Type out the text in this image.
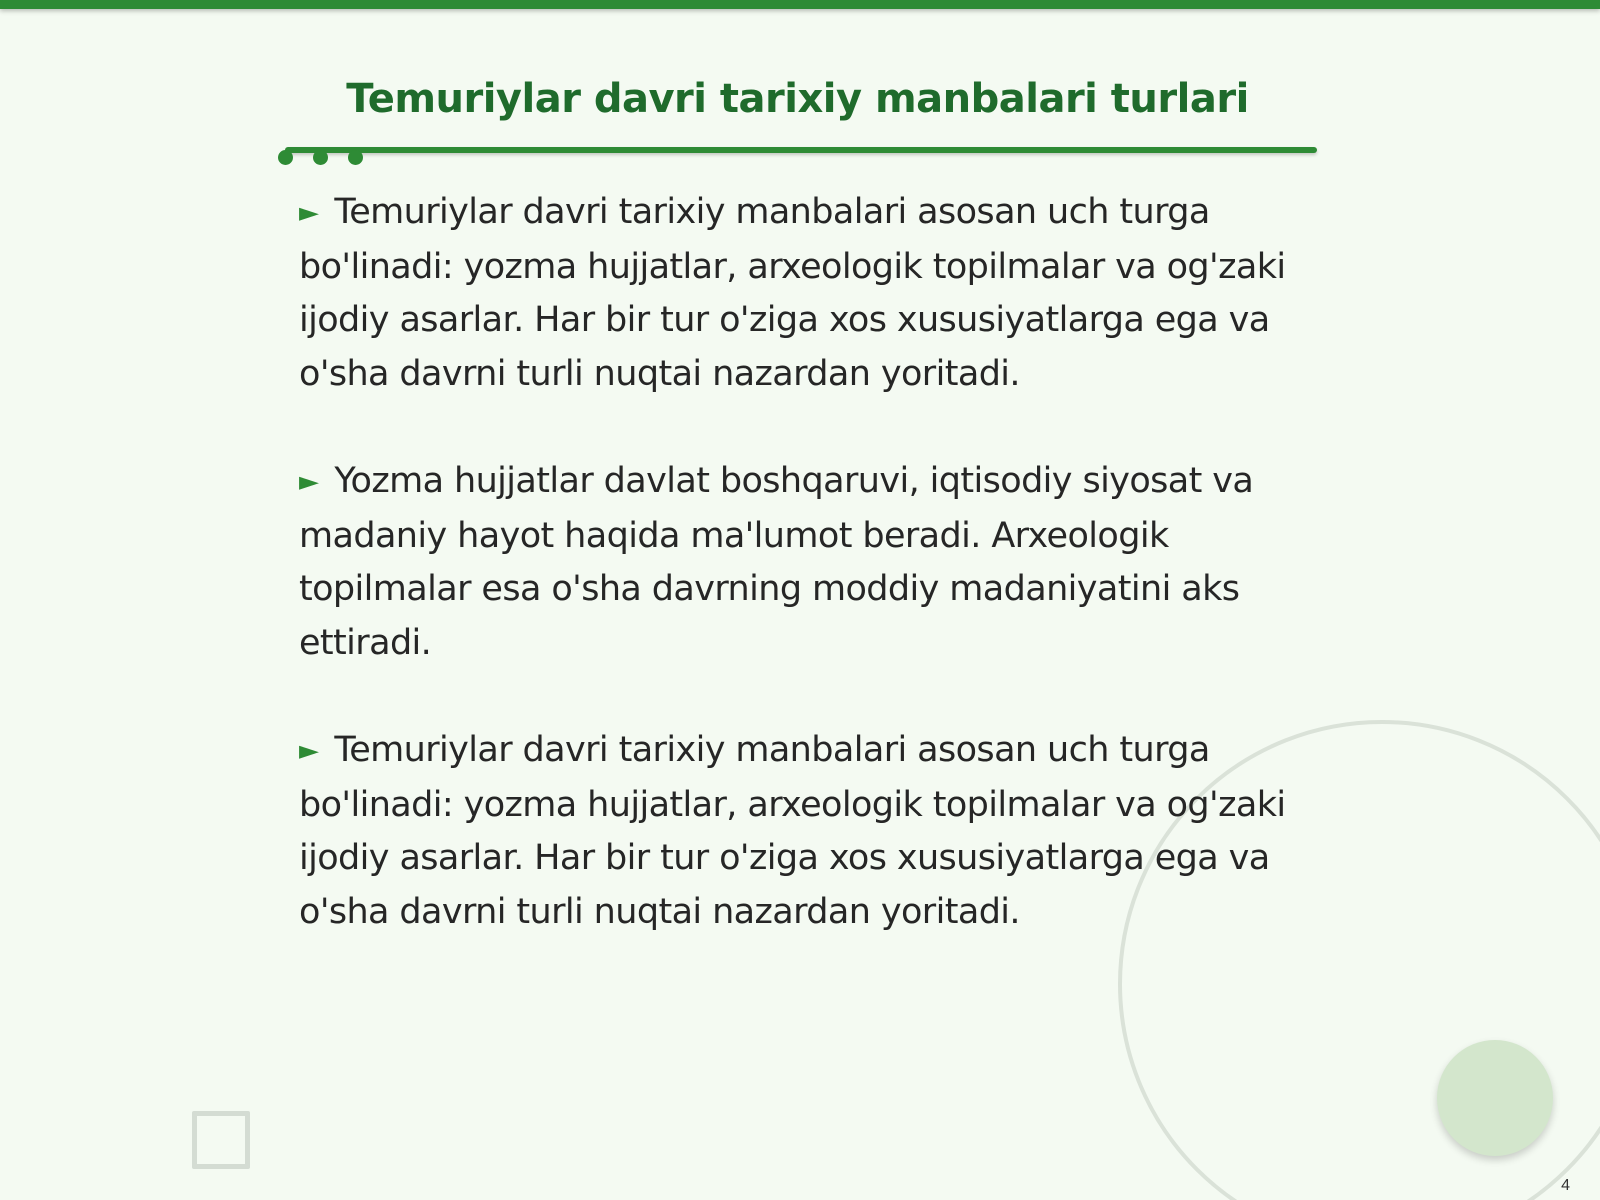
Temuriylar davri tarixiy manbalari turlari

► Temuriylar davri tarixiy manbalari asosan uch turga bo'linadi: yozma hujjatlar, arxeologik topilmalar va og'zaki ijodiy asarlar. Har bir tur o'ziga xos xususiyatlarga ega va o'sha davrni turli nuqtai nazardan yoritadi.

► Yozma hujjatlar davlat boshqaruvi, iqtisodiy siyosat va madaniy hayot haqida ma'lumot beradi. Arxeologik topilmalar esa o'sha davrning moddiy madaniyatini aks ettiradi.

► Temuriylar davri tarixiy manbalari asosan uch turga bo'linadi: yozma hujjatlar, arxeologik topilmalar va og'zaki ijodiy asarlar. Har bir tur o'ziga xos xususiyatlarga ega va o'sha davrni turli nuqtai nazardan yoritadi.

4
